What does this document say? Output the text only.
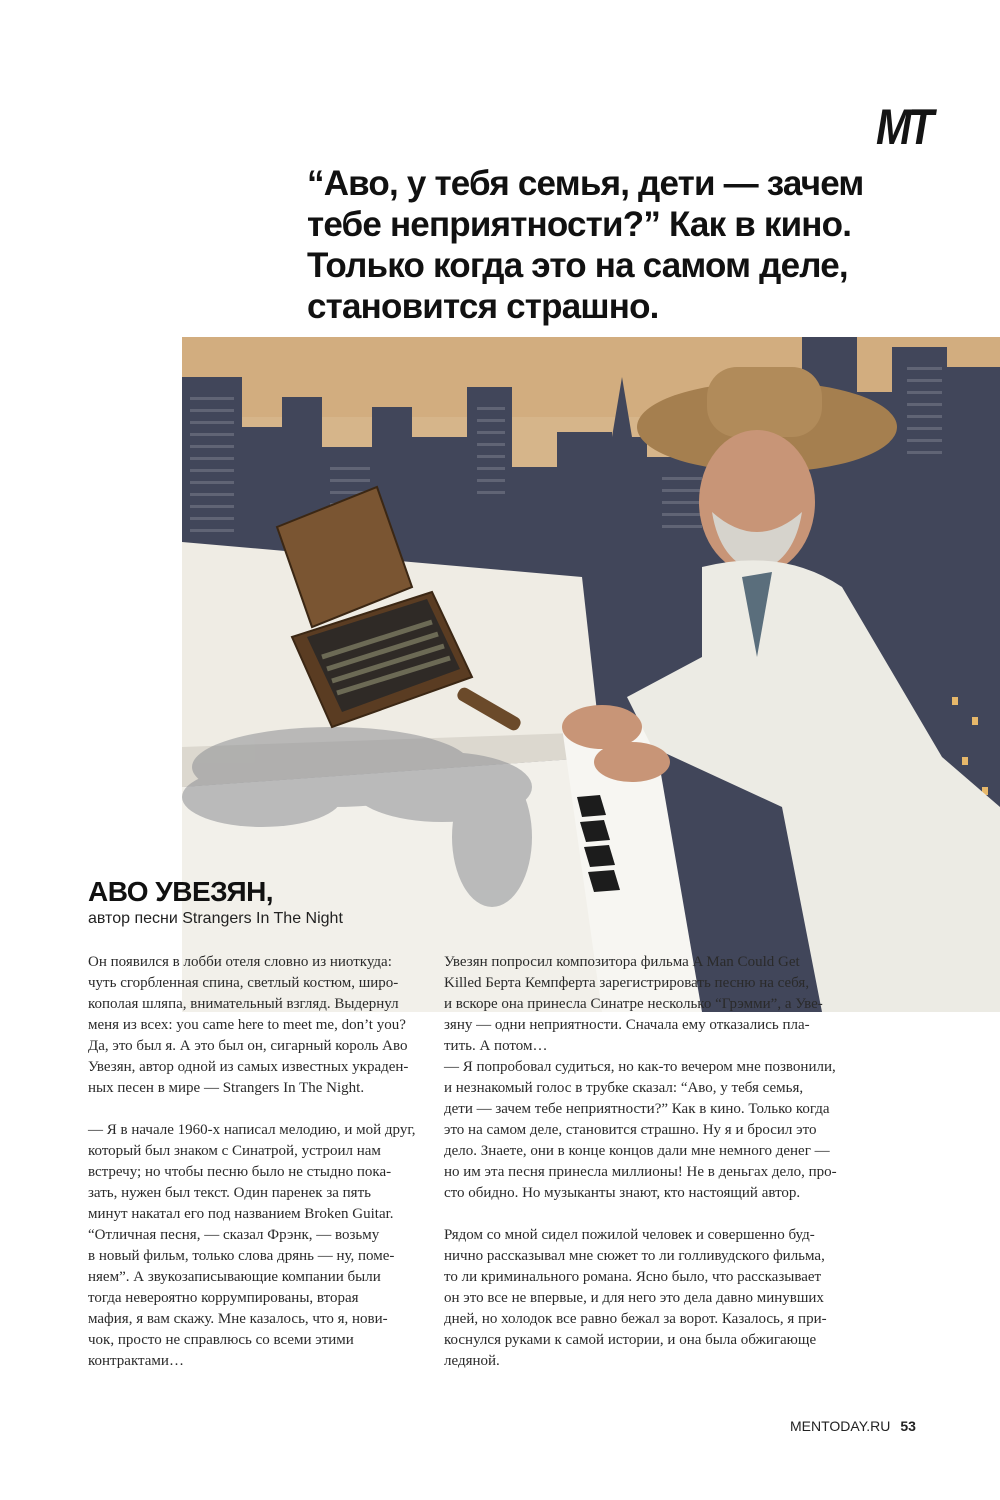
MT
“Аво, у тебя семья, дети — зачем тебе неприятности?” Как в кино. Только когда это на самом деле, становится страшно.
АВО УВЕЗЯН,
автор песни Strangers In The Night

Он появился в лобби отеля словно из ниоткуда:
чуть сгорбленная спина, светлый костюм, широ-
кополая шляпа, внимательный взгляд. Выдернул
меня из всех: you came here to meet me, don’t you?
Да, это был я. А это был он, сигарный король Аво
Увезян, автор одной из самых известных украден-
ных песен в мире — Strangers In The Night.

— Я в начале 1960-х написал мелодию, и мой друг,
который был знаком с Синатрой, устроил нам
встречу; но чтобы песню было не стыдно пока-
зать, нужен был текст. Один паренек за пять
минут накатал его под названием Broken Guitar.
“Отличная песня, — сказал Фрэнк, — возьму
в новый фильм, только слова дрянь — ну, поме-
няем”. А звукозаписывающие компании были
тогда невероятно коррумпированы, вторая
мафия, я вам скажу. Мне казалось, что я, нови-
чок, просто не справлюсь со всеми этими
контрактами…

Увезян попросил композитора фильма A Man Could Get
Killed Берта Кемпферта зарегистрировать песню на себя,
и вскоре она принесла Синатре несколько “Грэмми”, а Уве-
зяну — одни неприятности. Сначала ему отказались пла-
тить. А потом…
— Я попробовал судиться, но как-то вечером мне позвонили,
и незнакомый голос в трубке сказал: “Аво, у тебя семья,
дети — зачем тебе неприятности?” Как в кино. Только когда
это на самом деле, становится страшно. Ну я и бросил это
дело. Знаете, они в конце концов дали мне немного денег —
но им эта песня принесла миллионы! Не в деньгах дело, про-
сто обидно. Но музыканты знают, кто настоящий автор.

Рядом со мной сидел пожилой человек и совершенно буд-
нично рассказывал мне сюжет то ли голливудского фильма,
то ли криминального романа. Ясно было, что рассказывает
он это все не впервые, и для него это дела давно минувших
дней, но холодок все равно бежал за ворот. Казалось, я при-
коснулся руками к самой истории, и она была обжигающе
ледяной.

MENTODAY.RU 53
